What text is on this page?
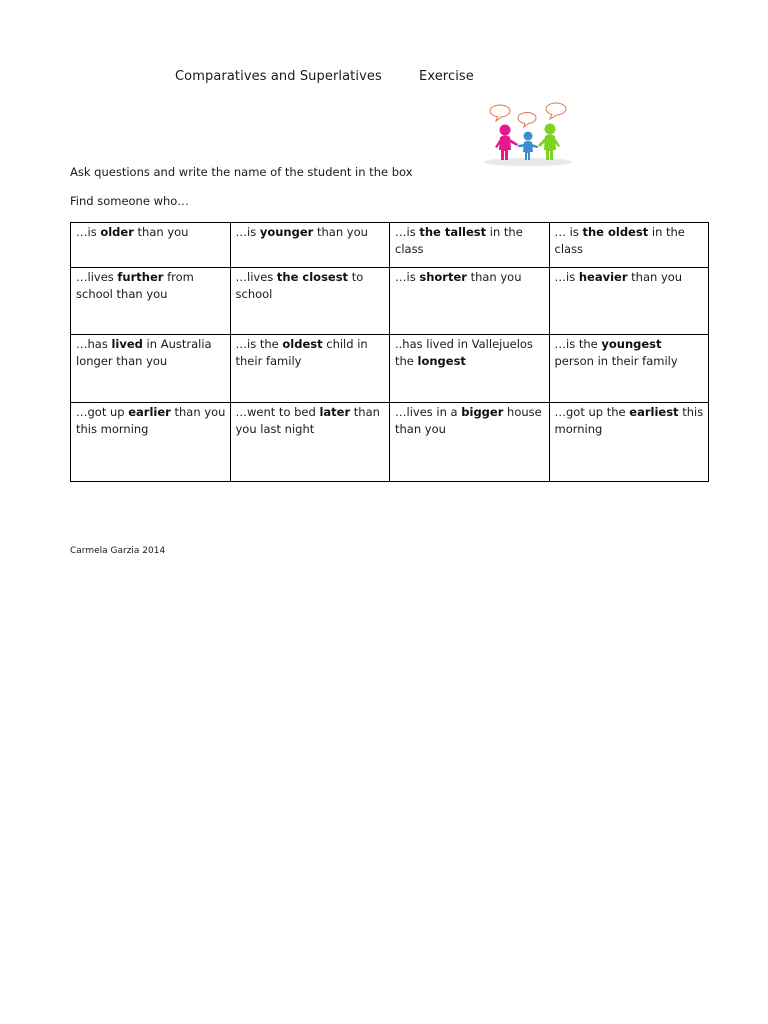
Comparatives and Superlatives	Exercise
Ask questions and write the name of the student in the box
Find someone who…
…is older than you	…is younger than you	…is the tallest in the class	… is the oldest in the class
…lives further from school than you	…lives the closest to school	…is shorter than you	…is heavier than you
…has lived in Australia longer than you	…is the oldest child in their family	..has lived in Vallejuelos the longest	…is the youngest person in their family
…got up earlier than you this morning	…went to bed later than you last night	…lives in a bigger house than you	…got up the earliest this morning
Carmela Garzia 2014
